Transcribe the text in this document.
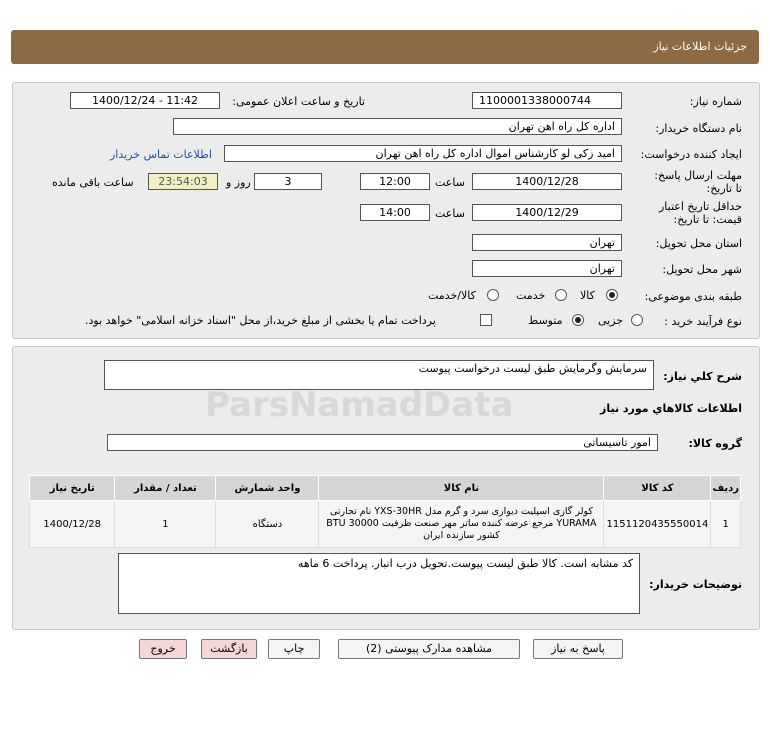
جزئیات اطلاعات نیاز
شماره نیاز:
1100001338000744
تاریخ و ساعت اعلان عمومی:
1400/12/24 - 11:42
نام دستگاه خریدار:
اداره کل راه اهن تهران
ایجاد کننده درخواست:
امید زکی لو کارشناس اموال اداره کل راه اهن تهران
اطلاعات تماس خریدار
مهلت ارسال پاسخ: تا تاریخ:
1400/12/28
ساعت
12:00
3
روز و
23:54:03
ساعت باقی مانده
حداقل تاریخ اعتبار قیمت: تا تاریخ:
1400/12/29
ساعت
14:00
استان محل تحویل:
تهران
شهر محل تحویل:
تهران
طبقه بندی موضوعی:
کالا
خدمت
کالا/خدمت
نوع فرآیند خرید :
جزیی
متوسط
پرداخت تمام یا بخشی از مبلغ خرید،از محل "اسناد خزانه اسلامی" خواهد بود.
شرح کلي نياز:
سرمایش وگرمایش طبق لیست درخواست پیوست
ParsNamadData	اطلاعات کالاهاي مورد نياز
گروه کالا:
امور تاسیساتی
ردیف	کد کالا	نام کالا	واحد شمارش	تعداد / مقدار	تاریخ نیاز
1	1151120435550014	کولر گازی اسپلیت دیواری سرد و گرم مدل YXS-30HR نام تجارتی YURAMA مرجع عرضه کننده ساتر مهر صنعت ظرفیت 30000 BTU کشور سازنده ایران	دستگاه	1	1400/12/28
توضیحات خریدار:
کد مشابه است. کالا طبق لیست پیوست.تحویل درب انبار. پرداخت 6 ماهه
پاسخ به نیاز
مشاهده مدارک پیوستی (2)
چاپ
بازگشت
خروج
